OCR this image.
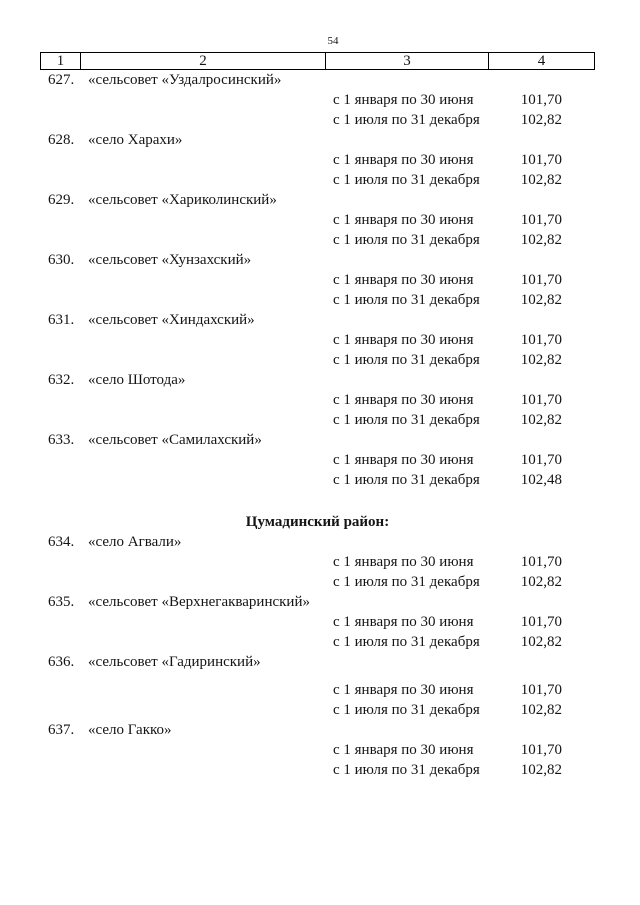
54
1	2	3	4
627. «сельсовет «Уздалросинский»
с 1 января по 30 июня	101,70
с 1 июля по 31 декабря	102,82
628. «село Харахи»
с 1 января по 30 июня	101,70
с 1 июля по 31 декабря	102,82
629. «сельсовет «Хариколинский»
с 1 января по 30 июня	101,70
с 1 июля по 31 декабря	102,82
630. «сельсовет «Хунзахский»
с 1 января по 30 июня	101,70
с 1 июля по 31 декабря	102,82
631. «сельсовет «Хиндахский»
с 1 января по 30 июня	101,70
с 1 июля по 31 декабря	102,82
632. «село Шотода»
с 1 января по 30 июня	101,70
с 1 июля по 31 декабря	102,82
633. «сельсовет «Самилахский»
с 1 января по 30 июня	101,70
с 1 июля по 31 декабря	102,48
Цумадинский район:
634. «село Агвали»
с 1 января по 30 июня	101,70
с 1 июля по 31 декабря	102,82
635. «сельсовет «Верхнегакваринский»
с 1 января по 30 июня	101,70
с 1 июля по 31 декабря	102,82
636. «сельсовет «Гадиринский»
с 1 января по 30 июня	101,70
с 1 июля по 31 декабря	102,82
637. «село Гакко»
с 1 января по 30 июня	101,70
с 1 июля по 31 декабря	102,82
